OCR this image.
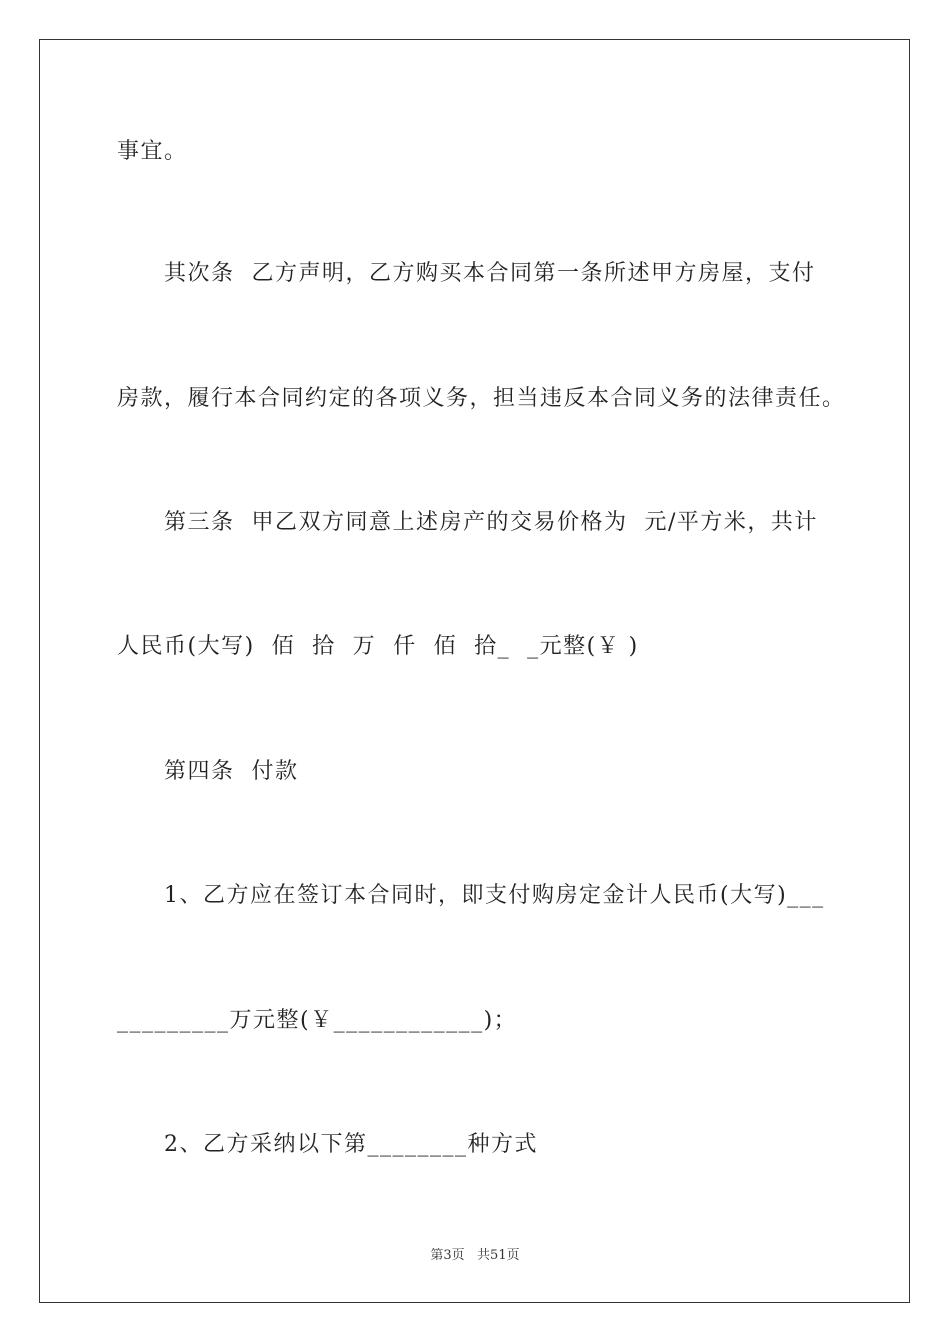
事宜。
其次条  乙方声明，乙方购买本合同第一条所述甲方房屋，支付
房款，履行本合同约定的各项义务，担当违反本合同义务的法律责任。
第三条  甲乙双方同意上述房产的交易价格为  元/平方米，共计
人民币(大写)  佰  拾  万  仟  佰  拾_  _元整(￥ )
第四条  付款
1、乙方应在签订本合同时，即支付购房定金计人民币(大写)___
_________万元整(￥____________)；
2、乙方采纳以下第________种方式
第3页   共51页
